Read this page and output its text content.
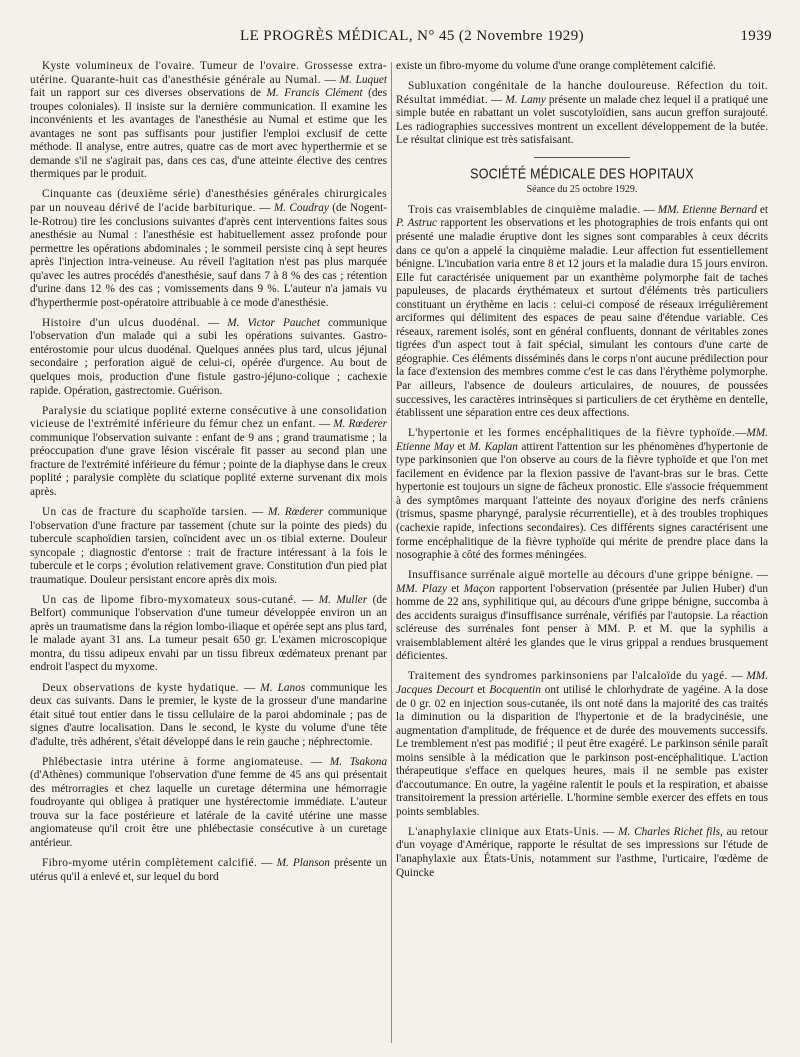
LE PROGRÈS MÉDICAL, N° 45 (2 Novembre 1929)	1939

Kyste volumineux de l'ovaire. Tumeur de l'ovaire. Grossesse extra-utérine. Quarante-huit cas d'anesthésie générale au Numal. — M. Luquet fait un rapport sur ces diverses observations de M. Francis Clément (des troupes coloniales). Il insiste sur la dernière communication. Il examine les inconvénients et les avantages de l'anesthésie au Numal et estime que les avantages ne sont pas suffisants pour justifier l'emploi exclusif de cette méthode. Il analyse, entre autres, quatre cas de mort avec hyperthermie et se demande s'il ne s'agirait pas, dans ces cas, d'une atteinte élective des centres thermiques par le produit.

Cinquante cas (deuxième série) d'anesthésies générales chirurgicales par un nouveau dérivé de l'acide barbiturique. — M. Coudray (de Nogent-le-Rotrou) tire les conclusions suivantes d'après cent interventions faites sous anesthésie au Numal : l'anesthésie est habituellement assez profonde pour permettre les opérations abdominales ; le sommeil persiste cinq à sept heures après l'injection intra-veineuse. Au réveil l'agitation n'est pas plus marquée qu'avec les autres procédés d'anesthésie, sauf dans 7 à 8 % des cas ; rétention d'urine dans 12 % des cas ; vomissements dans 9 %. L'auteur n'a jamais vu d'hyperthermie post-opératoire attribuable à ce mode d'anesthésie.

Histoire d'un ulcus duodénal. — M. Victor Pauchet communique l'observation d'un malade qui a subi les opérations suivantes. Gastro-entérostomie pour ulcus duodénal. Quelques années plus tard, ulcus jéjunal secondaire ; perforation aiguë de celui-ci, opérée d'urgence. Au bout de quelques mois, production d'une fistule gastro-jéjuno-colique ; cachexie rapide. Opération, gastrectomie. Guérison.

Paralysie du sciatique poplité externe consécutive à une consolidation vicieuse de l'extrémité inférieure du fémur chez un enfant. — M. Rœderer communique l'observation suivante : enfant de 9 ans ; grand traumatisme ; la préoccupation d'une grave lésion viscérale fit passer au second plan une fracture de l'extrémité inférieure du fémur ; pointe de la diaphyse dans le creux poplité ; paralysie complète du sciatique poplité externe survenant dix mois après.

Un cas de fracture du scaphoïde tarsien. — M. Rœderer communique l'observation d'une fracture par tassement (chute sur la pointe des pieds) du tubercule scaphoïdien tarsien, coïncident avec un os tibial externe. Douleur syncopale ; diagnostic d'entorse : trait de fracture intéressant à la fois le tubercule et le corps ; évolution relativement grave. Constitution d'un pied plat traumatique. Douleur persistant encore après dix mois.

Un cas de lipome fibro-myxomateux sous-cutané. — M. Muller (de Belfort) communique l'observation d'une tumeur développée environ un an après un traumatisme dans la région lombo-iliaque et opérée sept ans plus tard, le malade ayant 31 ans. La tumeur pesait 650 gr. L'examen microscopique montra, du tissu adipeux envahi par un tissu fibreux œdémateux prenant par endroit l'aspect du myxome.

Deux observations de kyste hydatique. — M. Lanos communique les deux cas suivants. Dans le premier, le kyste de la grosseur d'une mandarine était situé tout entier dans le tissu cellulaire de la paroi abdominale ; pas de signes d'autre localisation. Dans le second, le kyste du volume d'une tête d'adulte, très adhérent, s'était développé dans le rein gauche ; néphrectomie.

Phlébectasie intra utérine à forme angiomateuse. — M. Tsakona (d'Athènes) communique l'observation d'une femme de 45 ans qui présentait des métrorragies et chez laquelle un curetage détermina une hémorragie foudroyante qui obligea à pratiquer une hystérectomie immédiate. L'auteur trouva sur la face postérieure et latérale de la cavité utérine une masse angiomateuse qu'il croit être une phlébectasie consécutive à un curetage antérieur.

Fibro-myome utérin complètement calcifié. — M. Planson présente un utérus qu'il a enlevé et, sur lequel du bord

existe un fibro-myome du volume d'une orange complètement calcifié.

Subluxation congénitale de la hanche douloureuse. Réfection du toit. Résultat immédiat. — M. Lamy présente un malade chez lequel il a pratiqué une simple butée en rabattant un volet suscotyloïdien, sans aucun greffon surajouté. Les radiographies successives montrent un excellent développement de la butée. Le résultat clinique est très satisfaisant.

SOCIÉTÉ MÉDICALE DES HOPITAUX
Séance du 25 octobre 1929.

Trois cas vraisemblables de cinquième maladie. — MM. Etienne Bernard et P. Astruc rapportent les observations et les photographies de trois enfants qui ont présenté une maladie éruptive dont les signes sont comparables à ceux décrits dans ce qu'on a appelé la cinquième maladie. Leur affection fut essentiellement bénigne. L'incubation varia entre 8 et 12 jours et la maladie dura 15 jours environ. Elle fut caractérisée uniquement par un exanthème polymorphe fait de taches papuleuses, de placards érythémateux et surtout d'éléments très particuliers constituant un érythème en lacis : celui-ci composé de réseaux irrégulièrement arciformes qui délimitent des espaces de peau saine d'étendue variable. Ces réseaux, rarement isolés, sont en général confluents, donnant de véritables zones tigrées d'un aspect tout à fait spécial, simulant les contours d'une carte de géographie. Ces éléments disséminés dans le corps n'ont aucune prédilection pour la face d'extension des membres comme c'est le cas dans l'érythème polymorphe. Par ailleurs, l'absence de douleurs articulaires, de nouures, de poussées successives, les caractères intrinsèques si particuliers de cet érythème en dentelle, établissent une séparation entre ces deux affections.

L'hypertonie et les formes encéphalitiques de la fièvre typhoïde.—MM. Etienne May et M. Kaplan attirent l'attention sur les phénomènes d'hypertonie de type parkinsonien que l'on observe au cours de la fièvre typhoïde et que l'on met facilement en évidence par la flexion passive de l'avant-bras sur le bras. Cette hypertonie est toujours un signe de fâcheux pronostic. Elle s'associe fréquemment à des symptômes marquant l'atteinte des noyaux d'origine des nerfs crâniens (trismus, spasme pharyngé, paralysie récurrentielle), et à des troubles trophiques (cachexie rapide, infections secondaires). Ces différents signes caractérisent une forme encéphalitique de la fièvre typhoïde qui mérite de prendre place dans la nosographie à côté des formes méningées.

Insuffisance surrénale aiguë mortelle au décours d'une grippe bénigne. — MM. Plazy et Maçon rapportent l'observation (présentée par Julien Huber) d'un homme de 22 ans, syphilitique qui, au décours d'une grippe bénigne, succomba à des accidents suraigus d'insuffisance surrénale, vérifiés par l'autopsie. La réaction scléreuse des surrénales font penser à MM. P. et M. que la syphilis a vraisemblablement altéré les glandes que le virus grippal a rendues brusquement déficientes.

Traitement des syndromes parkinsoniens par l'alcaloïde du yagé. — MM. Jacques Decourt et Bocquentin ont utilisé le chlorhydrate de yagéine. A la dose de 0 gr. 02 en injection sous-cutanée, ils ont noté dans la majorité des cas traités la diminution ou la disparition de l'hypertonie et de la bradycinésie, une augmentation d'amplitude, de fréquence et de durée des mouvements successifs. Le tremblement n'est pas modifié ; il peut être exagéré. Le parkinson sénile paraît moins sensible à la médication que le parkinson post-encéphalitique. L'action thérapeutique s'efface en quelques heures, mais il ne semble pas exister d'accoutumance. En outre, la yagéine ralentit le pouls et la respiration, et abaisse transitoirement la pression artérielle. L'hormine semble exercer des effets en tous points semblables.

L'anaphylaxie clinique aux Etats-Unis. — M. Charles Richet fils, au retour d'un voyage d'Amérique, rapporte le résultat de ses impressions sur l'étude de l'anaphylaxie aux États-Unis, notamment sur l'asthme, l'urticaire, l'œdème de Quincke
